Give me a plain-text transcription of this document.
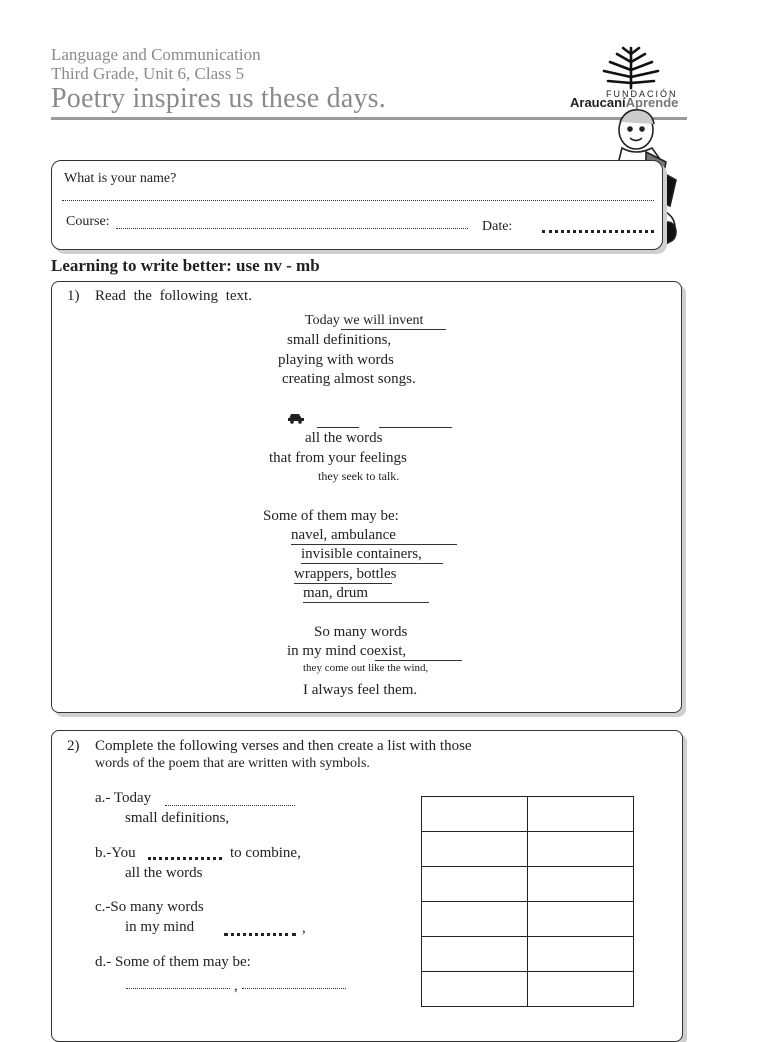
Language and Communication
Third Grade, Unit 6, Class 5
Poetry inspires us these days.	FUNDACIÓN
AraucaníAprende
What is your name?
Course:	Date:
Learning to write better: use nv - mb
1) Read the following text.
Today we will invent
small definitions,
playing with words
creating almost songs.
all the words
that from your feelings
they seek to talk.
Some of them may be:
navel, ambulance
invisible containers,
wrappers, bottles
man, drum
So many words
in my mind coexist,
they come out like the wind,
I always feel them.
2) Complete the following verses and then create a list with those
words of the poem that are written with symbols.
a.- Today
small definitions,
b.-You	to combine,
all the words
c.-So many words
in my mind	,
d.- Some of them may be:
,
